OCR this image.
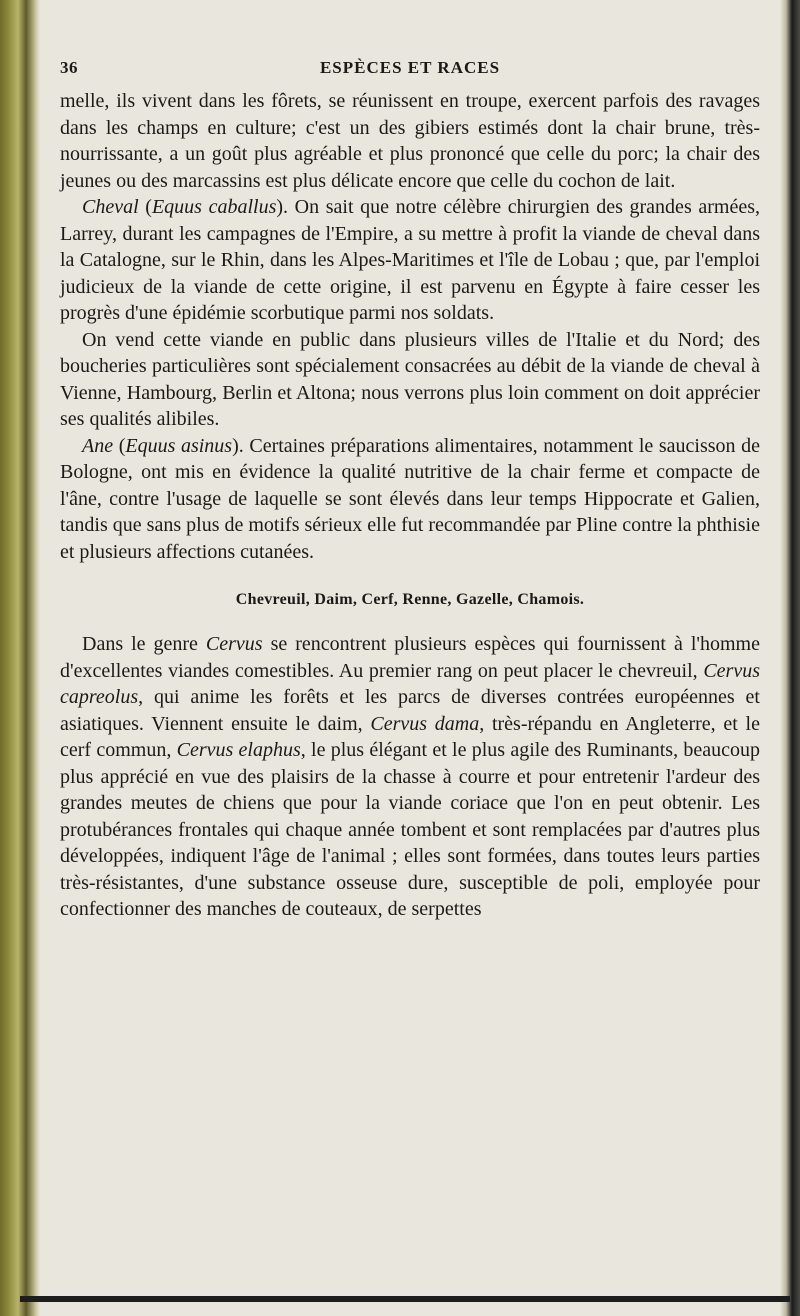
36	ESPÈCES ET RACES

melle, ils vivent dans les fôrets, se réunissent en troupe, exercent parfois des ravages dans les champs en culture; c'est un des gibiers estimés dont la chair brune, très-nourrissante, a un goût plus agréable et plus prononcé que celle du porc; la chair des jeunes ou des marcassins est plus délicate encore que celle du cochon de lait.

Cheval (Equus caballus). On sait que notre célèbre chirurgien des grandes armées, Larrey, durant les campagnes de l'Empire, a su mettre à profit la viande de cheval dans la Catalogne, sur le Rhin, dans les Alpes-Maritimes et l'île de Lobau ; que, par l'emploi judicieux de la viande de cette origine, il est parvenu en Égypte à faire cesser les progrès d'une épidémie scorbutique parmi nos soldats.

On vend cette viande en public dans plusieurs villes de l'Italie et du Nord; des boucheries particulières sont spécialement consacrées au débit de la viande de cheval à Vienne, Hambourg, Berlin et Altona; nous verrons plus loin comment on doit apprécier ses qualités alibiles.

Ane (Equus asinus). Certaines préparations alimentaires, notamment le saucisson de Bologne, ont mis en évidence la qualité nutritive de la chair ferme et compacte de l'âne, contre l'usage de laquelle se sont élevés dans leur temps Hippocrate et Galien, tandis que sans plus de motifs sérieux elle fut recommandée par Pline contre la phthisie et plusieurs affections cutanées.

Chevreuil, Daim, Cerf, Renne, Gazelle, Chamois.

Dans le genre Cervus se rencontrent plusieurs espèces qui fournissent à l'homme d'excellentes viandes comestibles. Au premier rang on peut placer le chevreuil, Cervus capreolus, qui anime les forêts et les parcs de diverses contrées européennes et asiatiques. Viennent ensuite le daim, Cervus dama, très-répandu en Angleterre, et le cerf commun, Cervus elaphus, le plus élégant et le plus agile des Ruminants, beaucoup plus apprécié en vue des plaisirs de la chasse à courre et pour entretenir l'ardeur des grandes meutes de chiens que pour la viande coriace que l'on en peut obtenir. Les protubérances frontales qui chaque année tombent et sont remplacées par d'autres plus développées, indiquent l'âge de l'animal ; elles sont formées, dans toutes leurs parties très-résistantes, d'une substance osseuse dure, susceptible de poli, employée pour confectionner des manches de couteaux, de serpettes
